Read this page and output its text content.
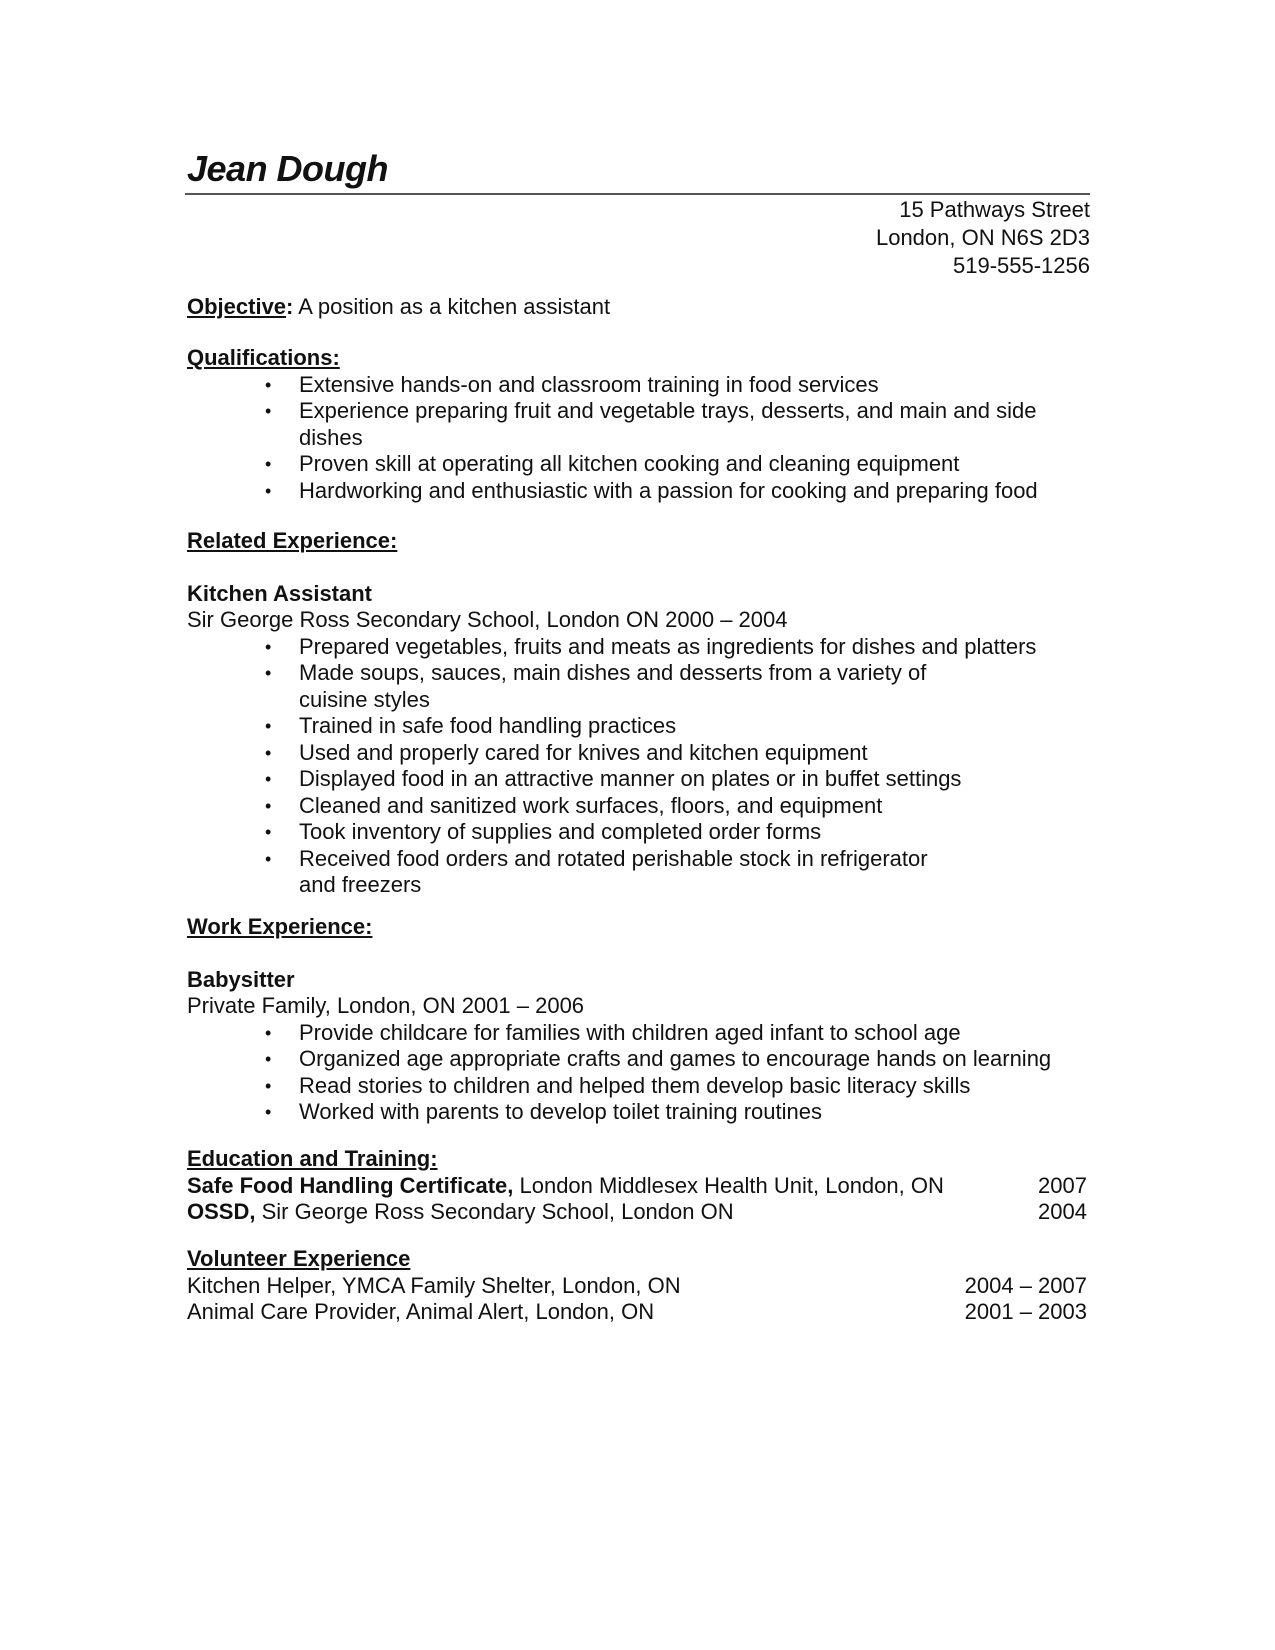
Jean Dough
15 Pathways Street
London, ON N6S 2D3
519-555-1256
Objective: A position as a kitchen assistant
Qualifications:
• Extensive hands-on and classroom training in food services
• Experience preparing fruit and vegetable trays, desserts, and main and side dishes
• Proven skill at operating all kitchen cooking and cleaning equipment
• Hardworking and enthusiastic with a passion for cooking and preparing food
Related Experience:
Kitchen Assistant
Sir George Ross Secondary School, London ON 2000 – 2004
• Prepared vegetables, fruits and meats as ingredients for dishes and platters
• Made soups, sauces, main dishes and desserts from a variety of cuisine styles
• Trained in safe food handling practices
• Used and properly cared for knives and kitchen equipment
• Displayed food in an attractive manner on plates or in buffet settings
• Cleaned and sanitized work surfaces, floors, and equipment
• Took inventory of supplies and completed order forms
• Received food orders and rotated perishable stock in refrigerator and freezers
Work Experience:
Babysitter
Private Family, London, ON 2001 – 2006
• Provide childcare for families with children aged infant to school age
• Organized age appropriate crafts and games to encourage hands on learning
• Read stories to children and helped them develop basic literacy skills
• Worked with parents to develop toilet training routines
Education and Training:
Safe Food Handling Certificate, London Middlesex Health Unit, London, ON	2007
OSSD, Sir George Ross Secondary School, London ON	2004
Volunteer Experience
Kitchen Helper, YMCA Family Shelter, London, ON	2004 – 2007
Animal Care Provider, Animal Alert, London, ON	2001 – 2003
